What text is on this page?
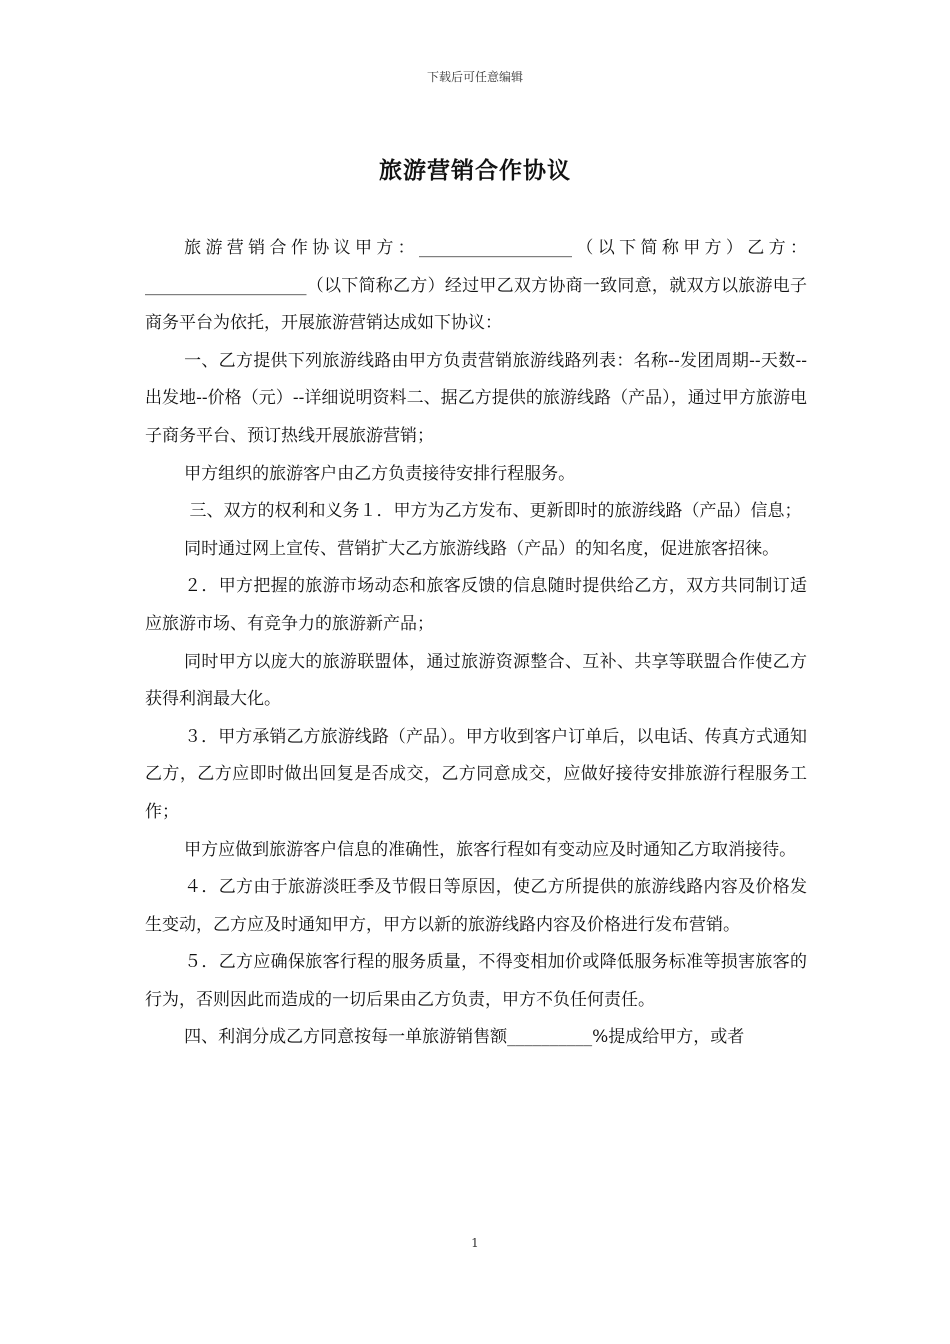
下载后可任意编辑
旅游营销合作协议

旅游营销合作协议甲方：__________________（以下简称甲方）乙方：___________________（以下简称乙方）经过甲乙双方协商一致同意，就双方以旅游电子商务平台为依托，开展旅游营销达成如下协议：

一、乙方提供下列旅游线路由甲方负责营销旅游线路列表：名称--发团周期--天数--出发地--价格（元）--详细说明资料二、据乙方提供的旅游线路（产品），通过甲方旅游电子商务平台、预订热线开展旅游营销；

甲方组织的旅游客户由乙方负责接待安排行程服务。

三、双方的权利和义务１．甲方为乙方发布、更新即时的旅游线路（产品）信息；

同时通过网上宣传、营销扩大乙方旅游线路（产品）的知名度，促进旅客招徕。

２．甲方把握的旅游市场动态和旅客反馈的信息随时提供给乙方，双方共同制订适应旅游市场、有竞争力的旅游新产品；

同时甲方以庞大的旅游联盟体，通过旅游资源整合、互补、共享等联盟合作使乙方获得利润最大化。

３．甲方承销乙方旅游线路（产品）。甲方收到客户订单后，以电话、传真方式通知乙方，乙方应即时做出回复是否成交，乙方同意成交，应做好接待安排旅游行程服务工作；

甲方应做到旅游客户信息的准确性，旅客行程如有变动应及时通知乙方取消接待。

４．乙方由于旅游淡旺季及节假日等原因，使乙方所提供的旅游线路内容及价格发生变动，乙方应及时通知甲方，甲方以新的旅游线路内容及价格进行发布营销。

５．乙方应确保旅客行程的服务质量，不得变相加价或降低服务标准等损害旅客的行为，否则因此而造成的一切后果由乙方负责，甲方不负任何责任。

四、利润分成乙方同意按每一单旅游销售额__________%提成给甲方，或者

1
